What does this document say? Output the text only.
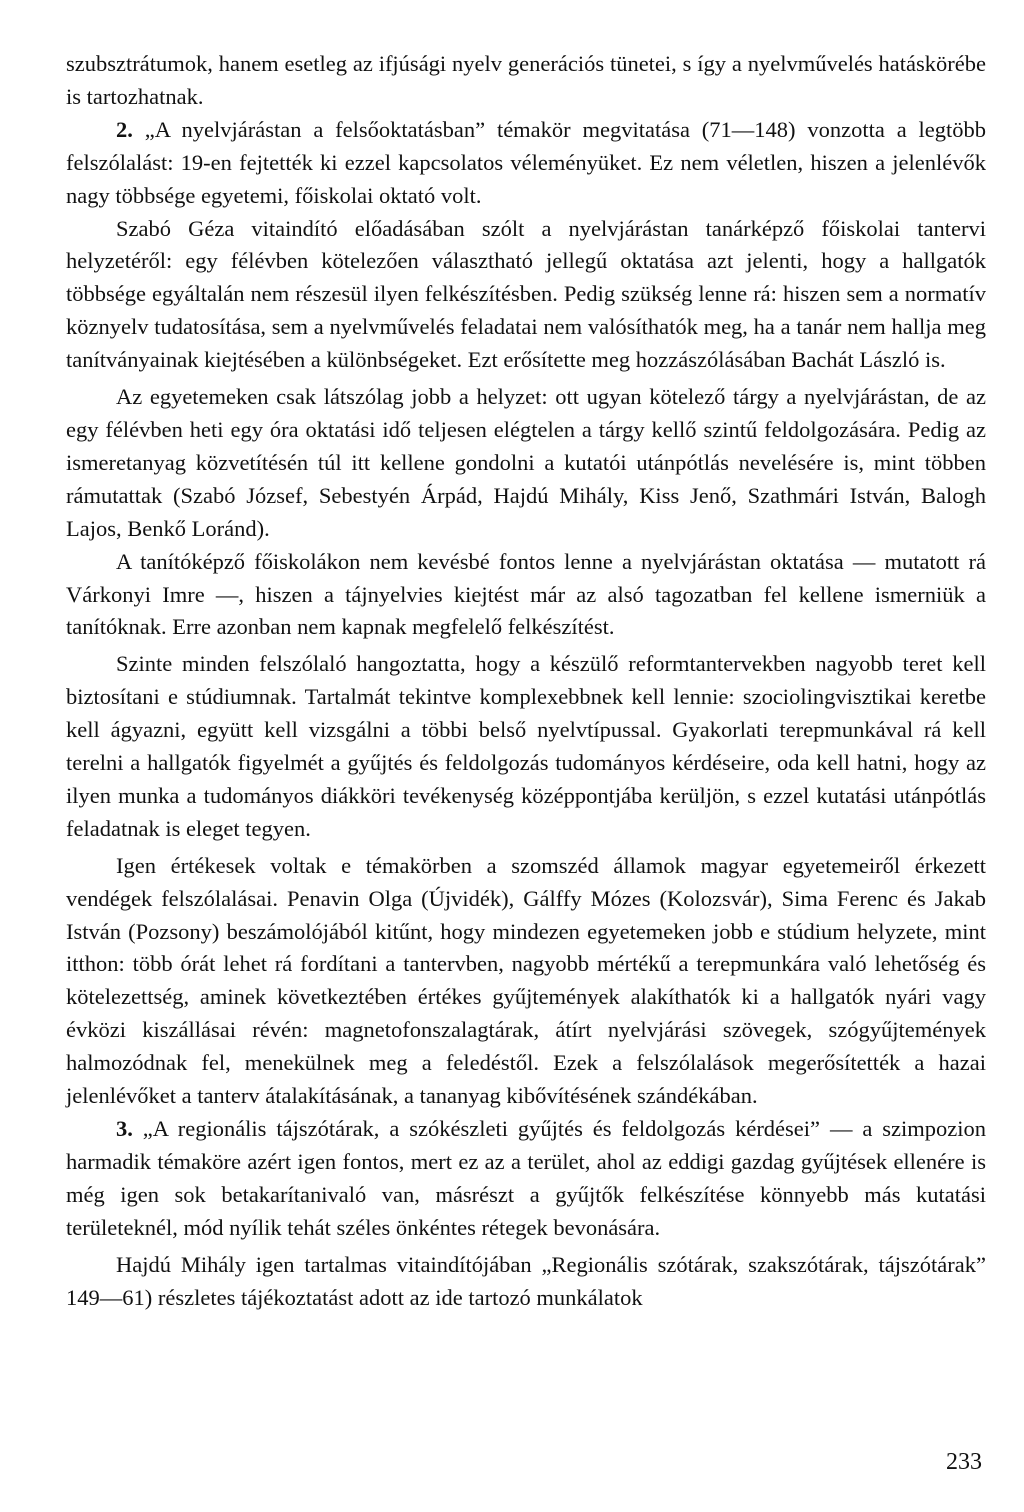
szubsztrátumok, hanem esetleg az ifjúsági nyelv generációs tünetei, s így a nyelvművelés hatáskörébe is tartozhatnak.

2. „A nyelvjárástan a felsőoktatásban” témakör megvitatása (71—148) vonzotta a legtöbb felszólalást: 19-en fejtették ki ezzel kapcsolatos véleményüket. Ez nem véletlen, hiszen a jelenlévők nagy többsége egyetemi, főiskolai oktató volt.

Szabó Géza vitaindító előadásában szólt a nyelvjárástan tanárképző főiskolai tantervi helyzetéről: egy félévben kötelezően választható jellegű oktatása azt jelenti, hogy a hallgatók többsége egyáltalán nem részesül ilyen felkészítésben. Pedig szükség lenne rá: hiszen sem a normatív köznyelv tudatosítása, sem a nyelvművelés feladatai nem valósíthatók meg, ha a tanár nem hallja meg tanítványainak kiejtésében a különbségeket. Ezt erősítette meg hozzászólásában Bachát László is.

Az egyetemeken csak látszólag jobb a helyzet: ott ugyan kötelező tárgy a nyelvjárástan, de az egy félévben heti egy óra oktatási idő teljesen elégtelen a tárgy kellő szintű feldolgozására. Pedig az ismeretanyag közvetítésén túl itt kellene gondolni a kutatói utánpótlás nevelésére is, mint többen rámutattak (Szabó József, Sebestyén Árpád, Hajdú Mihály, Kiss Jenő, Szathmári István, Balogh Lajos, Benkő Loránd).

A tanítóképző főiskolákon nem kevésbé fontos lenne a nyelvjárástan oktatása — mutatott rá Várkonyi Imre —, hiszen a tájnyelvies kiejtést már az alsó tagozatban fel kellene ismerniük a tanítóknak. Erre azonban nem kapnak megfelelő felkészítést.

Szinte minden felszólaló hangoztatta, hogy a készülő reformtantervekben nagyobb teret kell biztosítani e stúdiumnak. Tartalmát tekintve komplexebbnek kell lennie: szociolingvisztikai keretbe kell ágyazni, együtt kell vizsgálni a többi belső nyelvtípussal. Gyakorlati terepmunkával rá kell terelni a hallgatók figyelmét a gyűjtés és feldolgozás tudományos kérdéseire, oda kell hatni, hogy az ilyen munka a tudományos diákköri tevékenység középpontjába kerüljön, s ezzel kutatási utánpótlás feladatnak is eleget tegyen.

Igen értékesek voltak e témakörben a szomszéd államok magyar egyetemeiről érkezett vendégek felszólalásai. Penavin Olga (Újvidék), Gálffy Mózes (Kolozsvár), Sima Ferenc és Jakab István (Pozsony) beszámolójából kitűnt, hogy mindezen egyetemeken jobb e stúdium helyzete, mint itthon: több órát lehet rá fordítani a tantervben, nagyobb mértékű a terepmunkára való lehetőség és kötelezettség, aminek következtében értékes gyűjtemények alakíthatók ki a hallgatók nyári vagy évközi kiszállásai révén: magnetofonszalagtárak, átírt nyelvjárási szövegek, szógyűjtemények halmozódnak fel, menekülnek meg a feledéstől. Ezek a felszólalások megerősítették a hazai jelenlévőket a tanterv átalakításának, a tananyag kibővítésének szándékában.

3. „A regionális tájszótárak, a szókészleti gyűjtés és feldolgozás kérdései” — a szimpozion harmadik témaköre azért igen fontos, mert ez az a terület, ahol az eddigi gazdag gyűjtések ellenére is még igen sok betakarítanivaló van, másrészt a gyűjtők felkészítése könnyebb más kutatási területeknél, mód nyílik tehát széles önkéntes rétegek bevonására.

Hajdú Mihály igen tartalmas vitaindítójában „Regionális szótárak, szakszótárak, tájszótárak” 149—61) részletes tájékoztatást adott az ide tartozó munkálatok

233
